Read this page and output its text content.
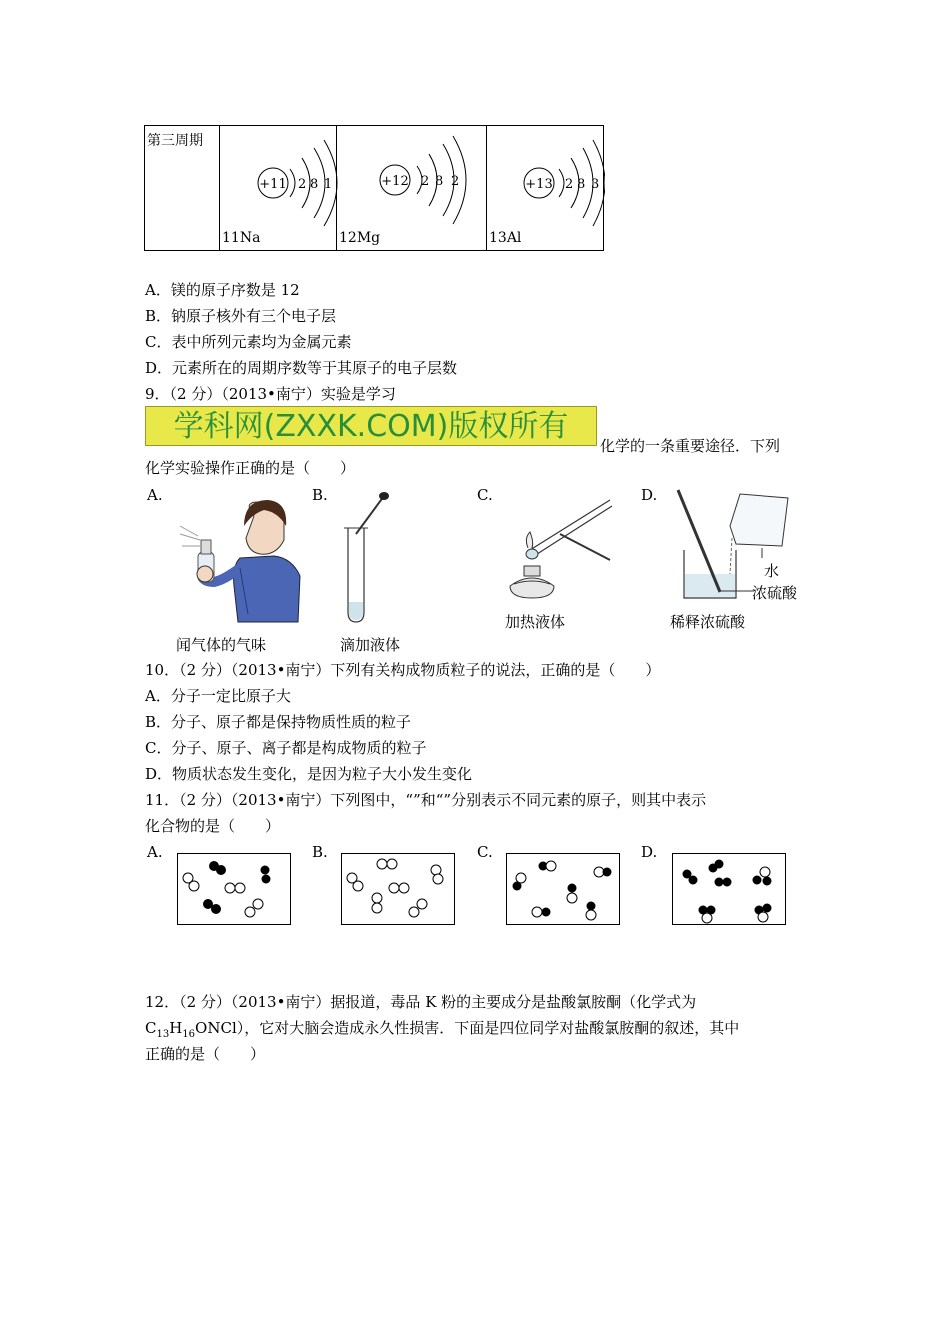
第三周期

+11 2 8 1
11Na

+12 2 8 2
12Mg

+13 2 8 3
13Al
A．镁的原子序数是 12
B．钠原子核外有三个电子层
C．表中所列元素均为金属元素
D．元素所在的周期序数等于其原子的电子层数
9．（2 分）（2013•南宁）实验是学习
学科网(ZXXK.COM)版权所有
化学的一条重要途径．下列
化学实验操作正确的是（　　）
A.	B.	C.	D.
闻气体的气味	滴加液体
加热液体
水
浓硫酸
稀释浓硫酸
10．（2 分）（2013•南宁）下列有关构成物质粒子的说法，正确的是（　　）
A．分子一定比原子大
B．分子、原子都是保持物质性质的粒子
C．分子、原子、离子都是构成物质的粒子
D．物质状态发生变化，是因为粒子大小发生变化
11．（2 分）（2013•南宁）下列图中，“”和“”分别表示不同元素的原子，则其中表示
化合物的是（　　）
A.	B.	C.	D.
12．（2 分）（2013•南宁）据报道，毒品 K 粉的主要成分是盐酸氯胺酮（化学式为
$C_{13}H_{16}ONCl$），它对大脑会造成永久性损害．下面是四位同学对盐酸氯胺酮的叙述，其中
正确的是（　　）
